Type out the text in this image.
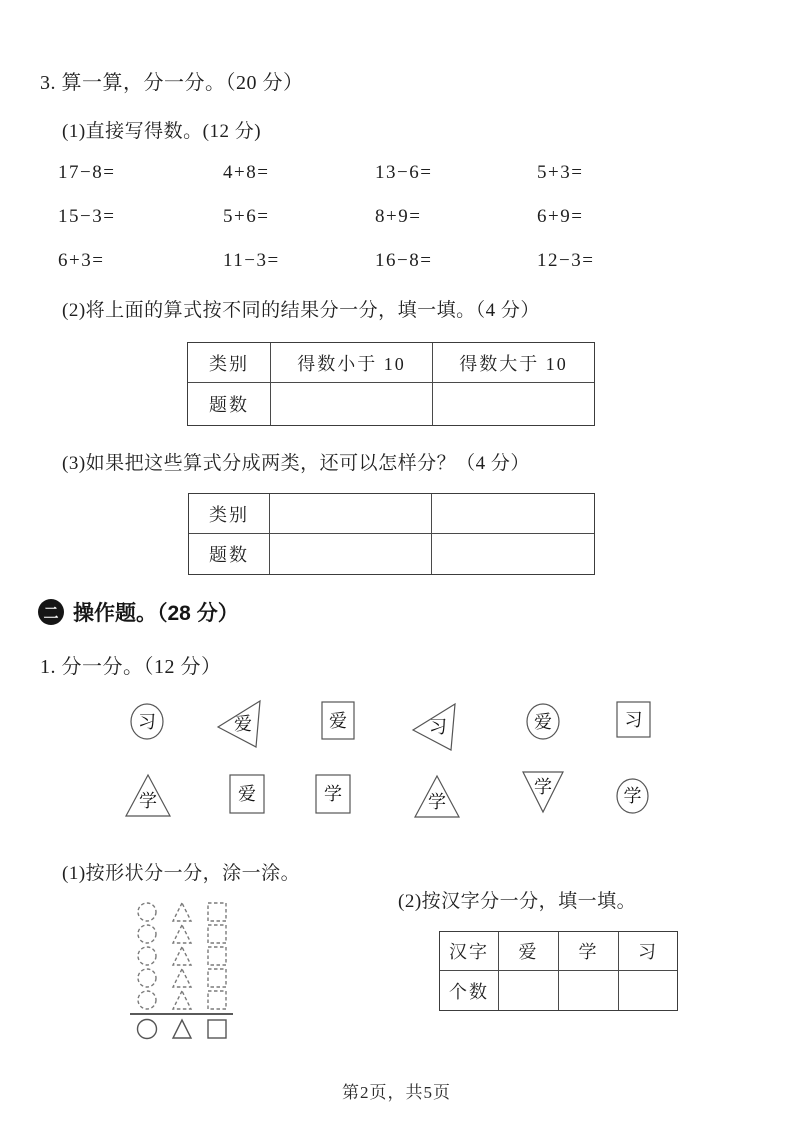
3. 算一算，分一分。（20 分）
(1)直接写得数。(12 分)
17−8=	4+8=	13−6=	5+3=
15−3=	5+6=	8+9=	6+9=
6+3=	11−3=	16−8=	12−3=
(2)将上面的算式按不同的结果分一分，填一填。（4 分）
类别	得数小于 10	得数大于 10
题数
(3)如果把这些算式分成两类，还可以怎样分？（4 分）
类别
题数
二 操作题。（28 分）
1. 分一分。（12 分）
习	爱	爱	习	爱	习
学	爱	学	学
学	学
(1)按形状分一分，涂一涂。
(2)按汉字分一分，填一填。
汉字	爱	学	习
个数
第2页，共5页
